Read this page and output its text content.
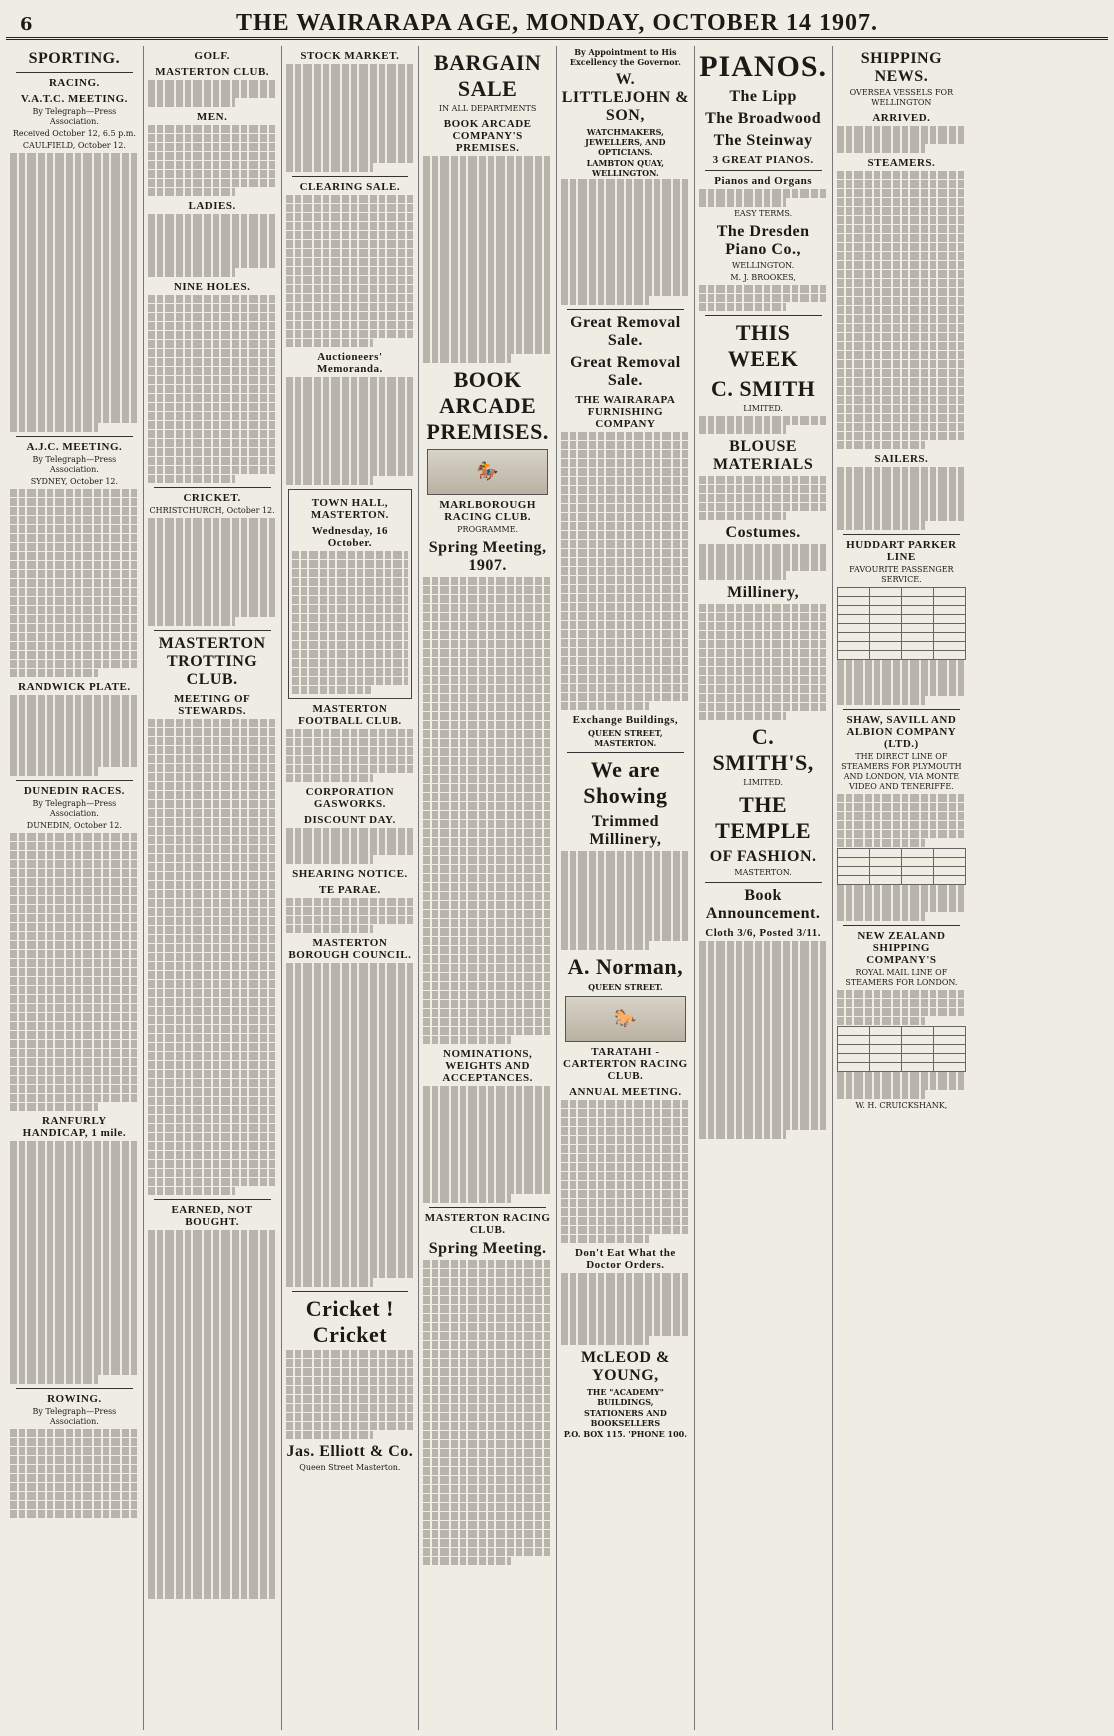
6	THE WAIRARAPA AGE, MONDAY, OCTOBER 14 1907.
SPORTING.
RACING.
V.A.T.C. MEETING.
By Telegraph—Press Association.
Received October 12, 6.5 p.m.
CAULFIELD, October 12.
A.J.C. MEETING.
By Telegraph—Press Association.
SYDNEY, October 12.
RANDWICK PLATE.
DUNEDIN RACES.
By Telegraph—Press Association.
DUNEDIN, October 12.
RANFURLY HANDICAP, 1 mile.
ROWING.
By Telegraph—Press Association.
GOLF.
MASTERTON CLUB.
MEN.
LADIES.
NINE HOLES.
CRICKET.
CHRISTCHURCH, October 12.
MASTERTON TROTTING CLUB.
MEETING OF STEWARDS.
EARNED, NOT BOUGHT.
STOCK MARKET.
CLEARING SALE.
Auctioneers' Memoranda.
TOWN HALL, MASTERTON.
Wednesday, 16 October.
MASTERTON FOOTBALL CLUB.
CORPORATION GASWORKS.
DISCOUNT DAY.
SHEARING NOTICE.
TE PARAE.
MASTERTON BOROUGH COUNCIL.
Cricket ! Cricket
Jas. Elliott & Co.
Queen Street Masterton.
BARGAIN SALE
IN ALL DEPARTMENTS
BOOK ARCADE COMPANY'S PREMISES.
BOOK ARCADE PREMISES.
🏇
MARLBOROUGH RACING CLUB.
PROGRAMME.
Spring Meeting, 1907.
NOMINATIONS, WEIGHTS AND ACCEPTANCES.
MASTERTON RACING CLUB.
Spring Meeting.
By Appointment to His Excellency the Governor.
W. LITTLEJOHN & SON,
WATCHMAKERS, JEWELLERS, AND OPTICIANS.
LAMBTON QUAY, WELLINGTON.
Great Removal Sale.
Great Removal Sale.
THE WAIRARAPA FURNISHING COMPANY
Exchange Buildings,
QUEEN STREET, MASTERTON.
We are Showing
Trimmed Millinery,
A. Norman,
QUEEN STREET.
🐎
TARATAHI - CARTERTON RACING CLUB.
ANNUAL MEETING.
Don't Eat What the Doctor Orders.
McLEOD & YOUNG,
THE "ACADEMY" BUILDINGS,
STATIONERS AND BOOKSELLERS
P.O. BOX 115. 'PHONE 100.
PIANOS.
The Lipp
The Broadwood
The Steinway
3 GREAT PIANOS.
Pianos and Organs
EASY TERMS.
The Dresden Piano Co.,
WELLINGTON.
M. J. BROOKES,
THIS WEEK
C. SMITH
LIMITED.
BLOUSE MATERIALS
Costumes.
Millinery,
C. SMITH'S,
LIMITED.
THE TEMPLE
OF FASHION.
MASTERTON.
Book Announcement.
Cloth 3/6, Posted 3/11.
SHIPPING NEWS.
OVERSEA VESSELS FOR WELLINGTON
ARRIVED.
STEAMERS.
SAILERS.
HUDDART PARKER LINE
FAVOURITE PASSENGER SERVICE.

SHAW, SAVILL AND ALBION COMPANY (LTD.)
THE DIRECT LINE OF STEAMERS FOR PLYMOUTH AND LONDON, VIA MONTE VIDEO AND TENERIFFE.

NEW ZEALAND SHIPPING COMPANY'S
ROYAL MAIL LINE OF STEAMERS FOR LONDON.

W. H. CRUICKSHANK,
